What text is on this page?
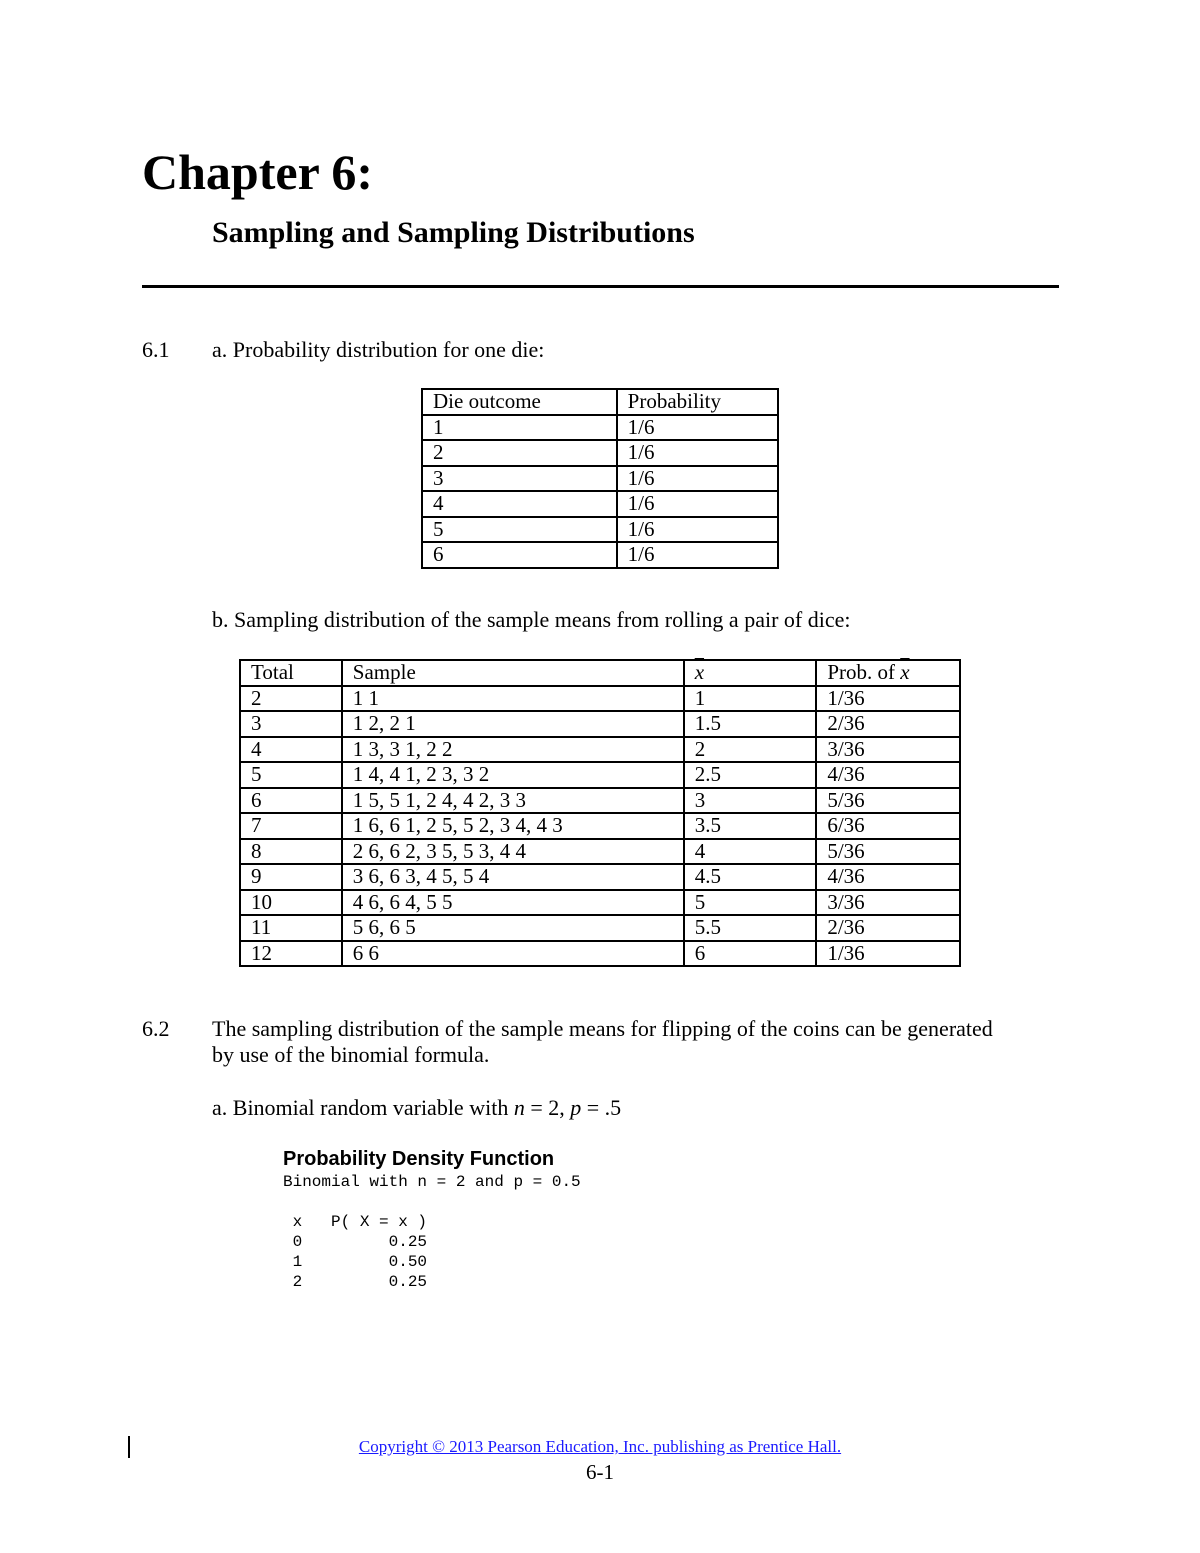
Chapter 6:
Sampling and Sampling Distributions
6.1 a. Probability distribution for one die:
Die outcome	Probability
1	1/6
2	1/6
3	1/6
4	1/6
5	1/6
6	1/6
b. Sampling distribution of the sample means from rolling a pair of dice:
Total	Sample	$\overline{x}$	Prob. of $\overline{x}$
2	1 1	1	1/36
3	1 2, 2 1	1.5	2/36
4	1 3, 3 1, 2 2	2	3/36
5	1 4, 4 1, 2 3, 3 2	2.5	4/36
6	1 5, 5 1, 2 4, 4 2, 3 3	3	5/36
7	1 6, 6 1, 2 5, 5 2, 3 4, 4 3	3.5	6/36
8	2 6, 6 2, 3 5, 5 3, 4 4	4	5/36
9	3 6, 6 3, 4 5, 5 4	4.5	4/36
10	4 6, 6 4, 5 5	5	3/36
11	5 6, 6 5	5.5	2/36
12	6 6	6	1/36
6.2 The sampling distribution of the sample means for flipping of the coins can be generated
by use of the binomial formula.
a. Binomial random variable with n = 2, p = .5
Probability Density Function
Binomial with n = 2 and p = 0.5
x   P( X = x )
0         0.25
1         0.50
2         0.25
Copyright © 2013 Pearson Education, Inc. publishing as Prentice Hall.
6-1
